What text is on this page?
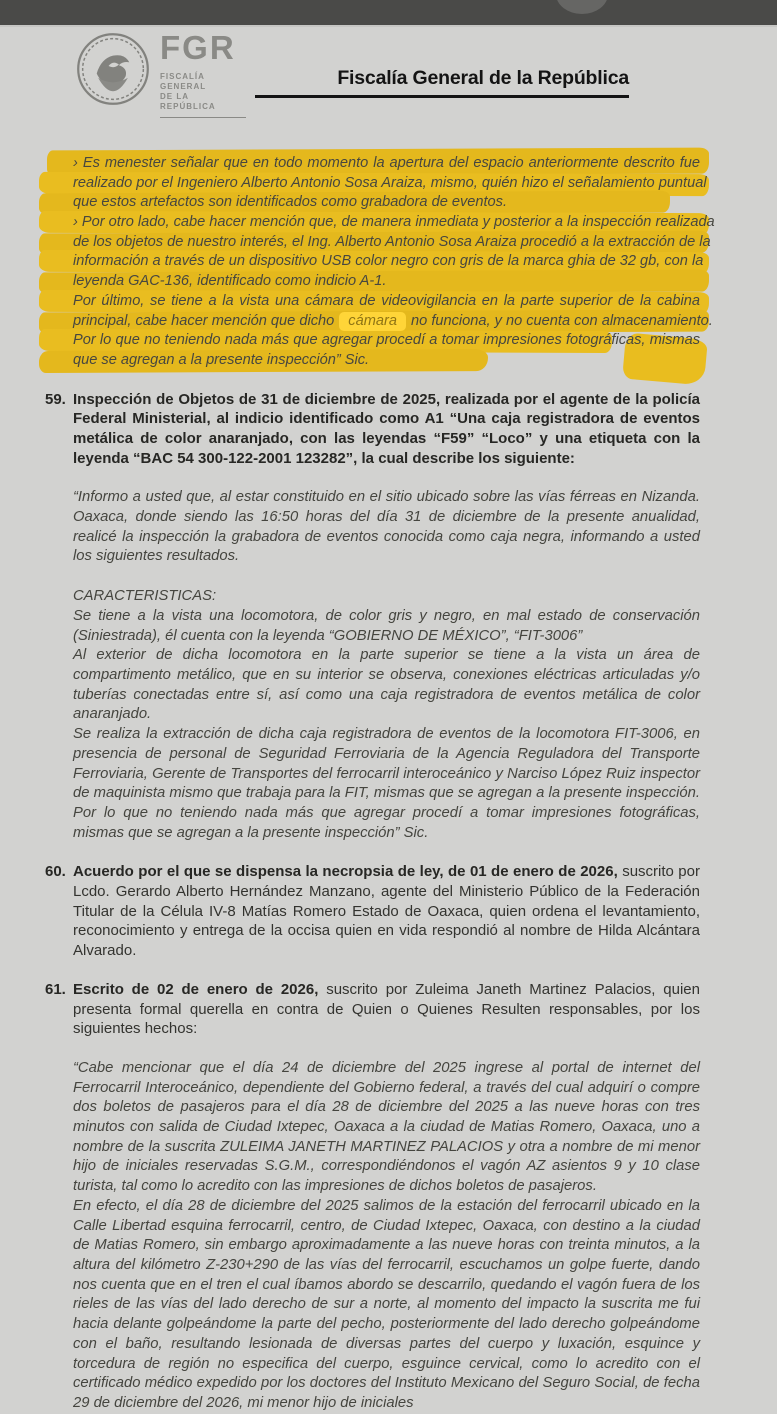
FGR
FISCALÍA GENERAL
DE LA REPÚBLICA
Fiscalía General de la República
› Es menester señalar que en todo momento la apertura del espacio anteriormente descrito fue
realizado por el Ingeniero Alberto Antonio Sosa Araiza, mismo, quién hizo el señalamiento puntual
que estos artefactos son identificados como grabadora de eventos.
› Por otro lado, cabe hacer mención que, de manera inmediata y posterior a la inspección realizada
de los objetos de nuestro interés, el Ing. Alberto Antonio Sosa Araiza procedió a la extracción de la
información a través de un dispositivo USB color negro con gris de la marca ghia de 32 gb, con la
leyenda GAC-136, identificado como indicio A-1.
Por último, se tiene a la vista una cámara de videovigilancia en la parte superior de la cabina
principal, cabe hacer mención que dicho cámara no funciona, y no cuenta con almacenamiento.
Por lo que no teniendo nada más que agregar procedí a tomar impresiones fotográficas, mismas
que se agregan a la presente inspección” Sic.
59. Inspección de Objetos de 31 de diciembre de 2025, realizada por el agente de la policía Federal Ministerial, al indicio identificado como A1 “Una caja registradora de eventos metálica de color anaranjado, con las leyendas “F59” “Loco” y una etiqueta con la leyenda “BAC 54 300-122-2001 123282”, la cual describe los siguiente:
“Informo a usted que, al estar constituido en el sitio ubicado sobre las vías férreas en Nizanda. Oaxaca, donde siendo las 16:50 horas del día 31 de diciembre de la presente anualidad, realicé la inspección la grabadora de eventos conocida como caja negra, informando a usted los siguientes resultados.
CARACTERISTICAS:
Se tiene a la vista una locomotora, de color gris y negro, en mal estado de conservación (Siniestrada), él cuenta con la leyenda “GOBIERNO DE MÉXICO”, “FIT-3006”
Al exterior de dicha locomotora en la parte superior se tiene a la vista un área de compartimento metálico, que en su interior se observa, conexiones eléctricas articuladas y/o tuberías conectadas entre sí, así como una caja registradora de eventos metálica de color anaranjado.
Se realiza la extracción de dicha caja registradora de eventos de la locomotora FIT-3006, en presencia de personal de Seguridad Ferroviaria de la Agencia Reguladora del Transporte Ferroviaria, Gerente de Transportes del ferrocarril interoceánico y Narciso López Ruiz inspector de maquinista mismo que trabaja para la FIT, mismas que se agregan a la presente inspección. Por lo que no teniendo nada más que agregar procedí a tomar impresiones fotográficas, mismas que se agregan a la presente inspección” Sic.
60. Acuerdo por el que se dispensa la necropsia de ley, de 01 de enero de 2026, suscrito por Lcdo. Gerardo Alberto Hernández Manzano, agente del Ministerio Público de la Federación Titular de la Célula IV-8 Matías Romero Estado de Oaxaca, quien ordena el levantamiento, reconocimiento y entrega de la occisa quien en vida respondió al nombre de Hilda Alcántara Alvarado.
61. Escrito de 02 de enero de 2026, suscrito por Zuleima Janeth Martinez Palacios, quien presenta formal querella en contra de Quien o Quienes Resulten responsables, por los siguientes hechos:
“Cabe mencionar que el día 24 de diciembre del 2025 ingrese al portal de internet del Ferrocarril Interoceánico, dependiente del Gobierno federal, a través del cual adquirí o compre dos boletos de pasajeros para el día 28 de diciembre del 2025 a las nueve horas con tres minutos con salida de Ciudad Ixtepec, Oaxaca a la ciudad de Matias Romero, Oaxaca, uno a nombre de la suscrita ZULEIMA JANETH MARTINEZ PALACIOS y otra a nombre de mi menor hijo de iniciales reservadas S.G.M., correspondiéndonos el vagón AZ asientos 9 y 10 clase turista, tal como lo acredito con las impresiones de dichos boletos de pasajeros.
En efecto, el día 28 de diciembre del 2025 salimos de la estación del ferrocarril ubicado en la Calle Libertad esquina ferrocarril, centro, de Ciudad Ixtepec, Oaxaca, con destino a la ciudad de Matias Romero, sin embargo aproximadamente a las nueve horas con treinta minutos, a la altura del kilómetro Z-230+290 de las vías del ferrocarril, escuchamos un golpe fuerte, dando nos cuenta que en el tren el cual íbamos abordo se descarrilo, quedando el vagón fuera de los rieles de las vías del lado derecho de sur a norte, al momento del impacto la suscrita me fui hacia delante golpeándome la parte del pecho, posteriormente del lado derecho golpeándome con el baño, resultando lesionada de diversas partes del cuerpo y luxación, esquince y torcedura de región no especifica del cuerpo, esguince cervical, como lo acredito con el certificado médico expedido por los doctores del Instituto Mexicano del Seguro Social, de fecha 29 de diciembre del 2026, mi menor hijo de iniciales
